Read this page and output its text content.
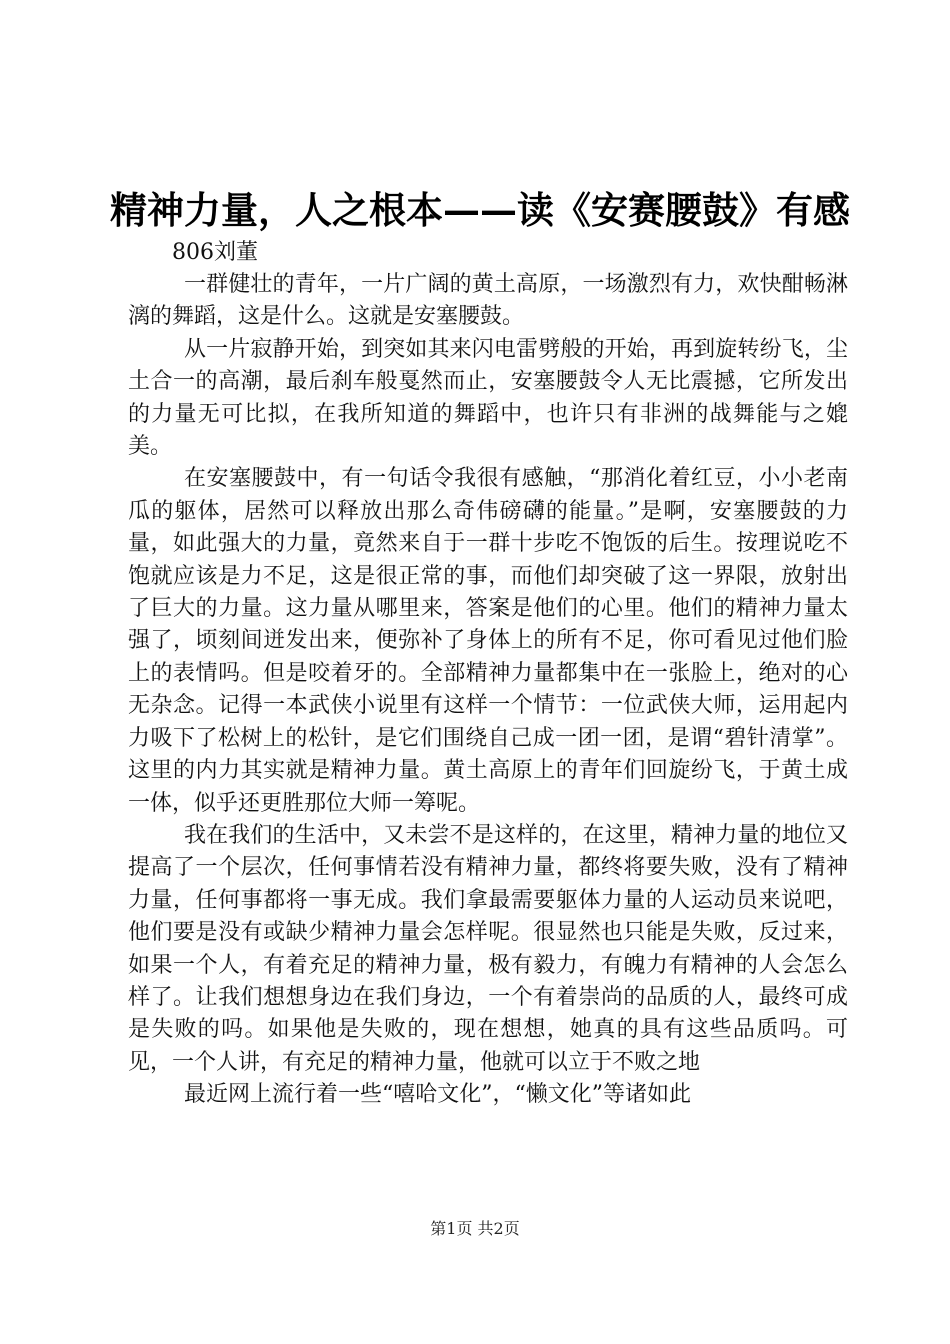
精神力量，人之根本——读《安赛腰鼓》有感

806刘董

一群健壮的青年，一片广阔的黄土高原，一场激烈有力，欢快酣畅淋漓的舞蹈，这是什么。这就是安塞腰鼓。

从一片寂静开始，到突如其来闪电雷劈般的开始，再到旋转纷飞，尘土合一的高潮，最后刹车般戛然而止，安塞腰鼓令人无比震撼，它所发出的力量无可比拟，在我所知道的舞蹈中，也许只有非洲的战舞能与之媲美。

在安塞腰鼓中，有一句话令我很有感触，“那消化着红豆，小小老南瓜的躯体，居然可以释放出那么奇伟磅礴的能量。”是啊，安塞腰鼓的力量，如此强大的力量，竟然来自于一群十步吃不饱饭的后生。按理说吃不饱就应该是力不足，这是很正常的事，而他们却突破了这一界限，放射出了巨大的力量。这力量从哪里来，答案是他们的心里。他们的精神力量太强了，顷刻间迸发出来，便弥补了身体上的所有不足，你可看见过他们脸上的表情吗。但是咬着牙的。全部精神力量都集中在一张脸上，绝对的心无杂念。记得一本武侠小说里有这样一个情节：一位武侠大师，运用起内力吸下了松树上的松针，是它们围绕自己成一团一团，是谓“碧针清掌”。这里的内力其实就是精神力量。黄土高原上的青年们回旋纷飞，于黄土成一体，似乎还更胜那位大师一筹呢。

我在我们的生活中，又未尝不是这样的，在这里，精神力量的地位又提高了一个层次，任何事情若没有精神力量，都终将要失败，没有了精神力量，任何事都将一事无成。我们拿最需要躯体力量的人运动员来说吧，他们要是没有或缺少精神力量会怎样呢。很显然也只能是失败，反过来，如果一个人，有着充足的精神力量，极有毅力，有魄力有精神的人会怎么样了。让我们想想身边在我们身边，一个有着崇尚的品质的人，最终可成是失败的吗。如果他是失败的，现在想想，她真的具有这些品质吗。可见，一个人讲，有充足的精神力量，他就可以立于不败之地

最近网上流行着一些“嘻哈文化”，“懒文化”等诸如此

第1页 共2页
